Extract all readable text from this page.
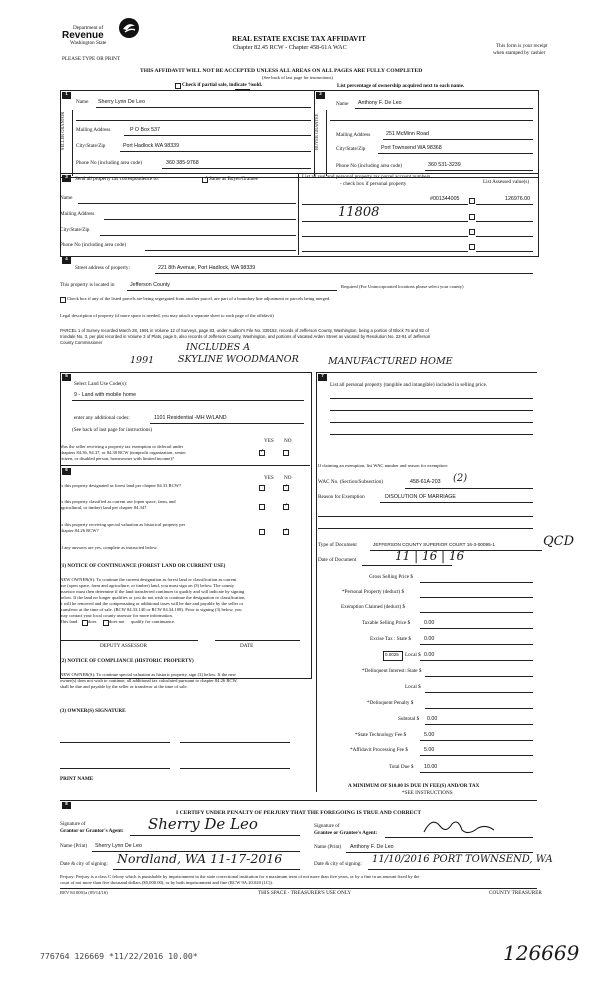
Department of
Revenue
Washington State
PLEASE TYPE OR PRINT
REAL ESTATE EXCISE TAX AFFIDAVIT
Chapter 82.45 RCW - Chapter 458-61A WAC	This form is your receipt
when stamped by cashier
THIS AFFIDAVIT WILL NOT BE ACCEPTED UNLESS ALL AREAS ON ALL PAGES ARE FULLY COMPLETED
(See back of last page for instructions)
Check if partial sale, indicate %
sold.	List percentage of ownership acquired next to each name.
1
SELLER GRANTOR
Name Sherry Lynn De Leo
Mailing Address	P O Box 537
City/State/Zip	Port Hadlock WA 98339
Phone No (including area code)	360 385-9768
2
BUYER GRANTEE
Name Anthony F. De Leo
Mailing Address	251 McMinn Road
City/State/Zip	Port Townsend WA 98368
Phone No (including area code)	360 531-3239
3	Send all property tax correspondence to:	✓ Same as Buyer/Grantee
Name
Mailing Address
City/State/Zip
Phone No (including area code)
List all real and personal property tax parcel account numbers
- check box if personal property	List Assessed value(s)
#001344005	126976.00
11808
4
Street address of property:	221 8th Avenue, Port Hadlock, WA 98339
This property is located in	Jefferson County	Required (For Unincorporated locations please select your county)
Check box if any of the listed parcels are being segregated from another parcel, are part of a boundary line adjustment or parcels being merged.
Legal description of property (if more space is needed, you may attach a separate sheet to each page of the affidavit)
PARCEL 1 of Survey recorded March 28, 1991 in Volume 12 of Surveys, page 83, under Auditor's File No. 339152, records of Jefferson County, Washington, being a portion of Block 75 and 82 of
Irondale No. 3, per plat recorded in Volume 3 of Plats, page 5, also records of Jefferson County, Washington, and portions of vacated Arden Street as vacated by Resolution No. 22-91 of Jefferson
County Commissioner	INCLUDES A
1991	SKYLINE WOODMANOR	MANUFACTURED HOME
5
Select Land Use Code(s):
9 - Land with mobile home
enter any additional codes:	1101 Residential -MH W/LAND
(See back of last page for instructions)
YES NO
Was the seller receiving a property tax exemption or deferral under
chapters 84.36, 84.37, or 84.38 RCW (nonprofit organization, senior
citizen, or disabled person, homeowner with limited income)?
✓
6
YES NO
Is this property designated as forest land per chapter 84.33 RCW?	✓
Is this property classified as current use (open space, farm, and
agricultural, or timber) land per chapter 84.34?	✓
Is this property receiving special valuation as historical property per
chapter 84.26 RCW?	✓
If any answers are yes, complete as instructed below.
(1) NOTICE OF CONTINUANCE (FOREST LAND OR CURRENT USE)
NEW OWNER(S): To continue the current designation as forest land or classification as current
use (open space, farm and agriculture, or timber) land, you must sign on (3) below. The county
assessor must then determine if the land transferred continues to qualify and will indicate by signing
below. If the land no longer qualifies or you do not wish to continue the designation or classification,
it will be removed and the compensating or additional taxes will be due and payable by the seller or
transferor at the time of sale. (RCW 84.33.140 or RCW 84.34.108). Prior to signing (3) below, you
may contact your local county assessor for more information.
This land does	does not qualify for continuance.
DEPUTY ASSESSOR	DATE
(2) NOTICE OF COMPLIANCE (HISTORIC PROPERTY)
NEW OWNER(S): To continue special valuation as historic property, sign (3) below. If the new
owner(s) does not wish to continue, all additional tax calculated pursuant to chapter 84.26 RCW,
shall be due and payable by the seller or transferor at the time of sale.
(3) OWNER(S) SIGNATURE
PRINT NAME
7
List all personal property (tangible and intangible) included in selling price.
If claiming an exemption, list WAC number and reason for exemption:
WAC No. (Section/Subsection)	458-61A-203 (2)
Reason for Exemption	DISOLUTION OF MARRIAGE
Type of Document	JEFFERSON COUNTY SUPERIOR COURT 16-3-00095-1	QCD
Date of Document	11 | 16 | 16
Gross Selling Price $
*Personal Property (deduct) $
Exemption Claimed (deduct) $
Taxable Selling Price $	0.00
Excise Tax : State $ 0.00
0.0025 Local $ 0.00
*Delinquent Interest: State $
Local $
*Delinquent Penalty $
Subtotal $ 0.00
*State Technology Fee $	5.00
*Affidavit Processing Fee $	5.00
Total Due $ 10.00
A MINIMUM OF $10.00 IS DUE IN FEE(S) AND/OR TAX
*SEE INSTRUCTIONS
8
I CERTIFY UNDER PENALTY OF PERJURY THAT THE FOREGOING IS TRUE AND CORRECT
Signature of
Grantor or Grantor's Agent: Sherry De Leo	Signature of
Grantee or Grantee's Agent:
Name (Print) Sherry Lynn De Leo	Name (Print) Anthony F. De Leo
Date & city of signing: Nordland, WA 11-17-2016	Date & city of signing: 11/10/2016 PORT TOWNSEND, WA
Perjury: Perjury is a class C felony which is punishable by imprisonment in the state correctional institution for a maximum term of not more than five years, or by a fine in an amount fixed by the
court of not more than five thousand dollars ($5,000.00), or by both imprisonment and fine (RCW 9A.20.020 (1C)).
REV 84 0001a (09/14/16)	THIS SPACE - TREASURER'S USE ONLY	COUNTY TREASURER
776764 126669 *11/22/2016 10.00*	126669
